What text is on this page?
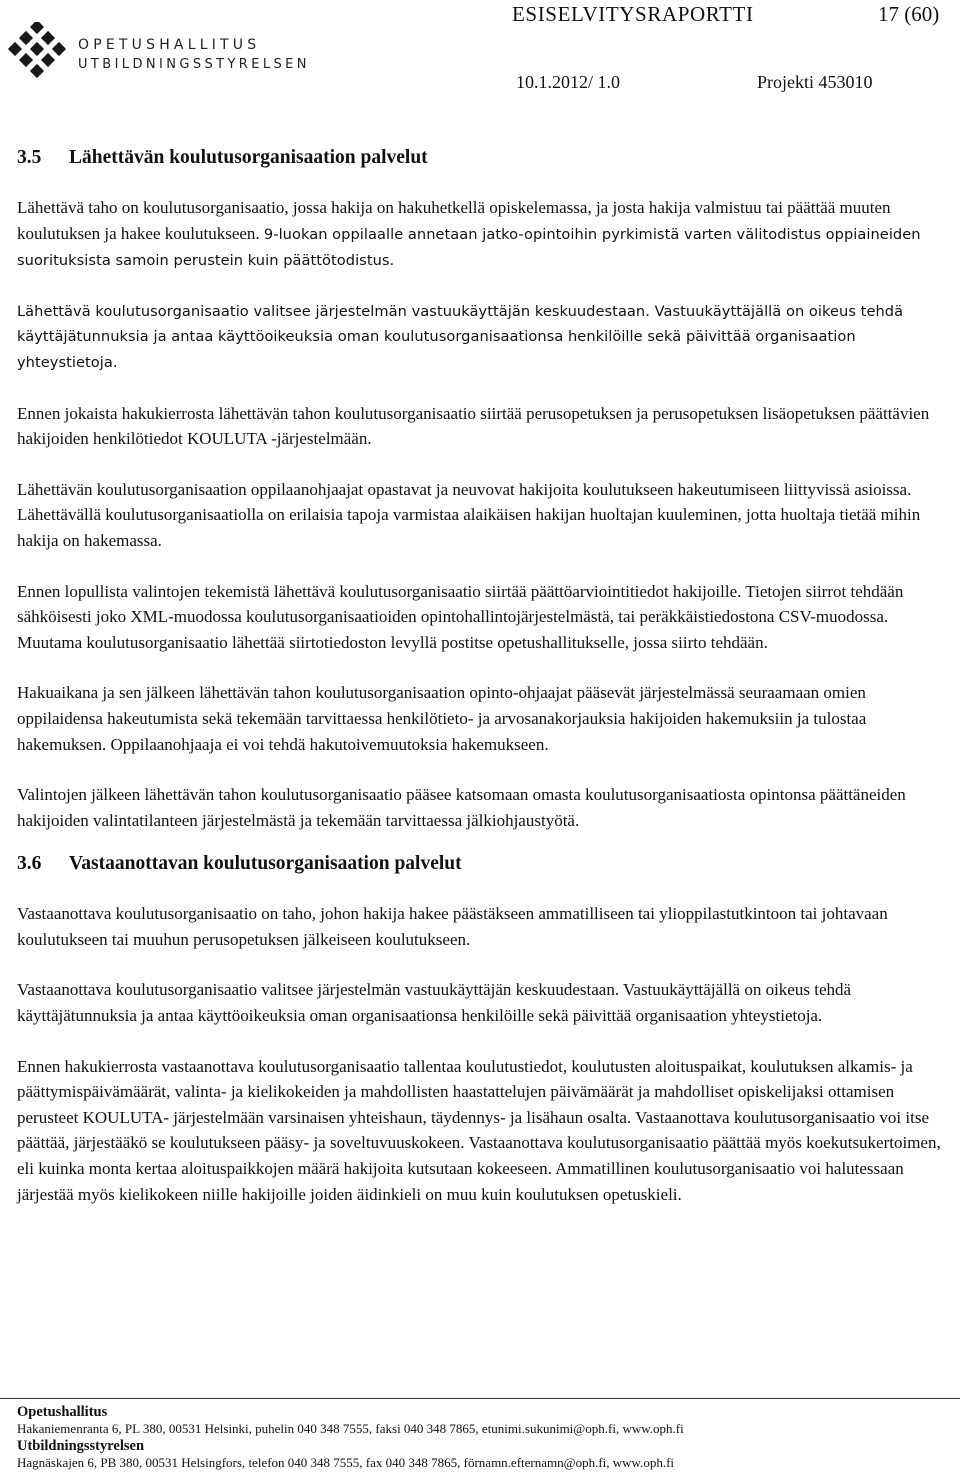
OPETUSHALLITUS
UTBILDNINGSSTYRELSEN
ESISELVITYSRAPORTTI	17 (60)
10.1.2012/ 1.0	Projekti 453010
3.5 Lähettävän koulutusorganisaation palvelut

Lähettävä taho on koulutusorganisaatio, jossa hakija on hakuhetkellä opiskelemassa, ja josta hakija valmistuu tai päättää muuten koulutuksen ja hakee koulutukseen. 9-luokan oppilaalle annetaan jatko-opintoihin pyrkimistä varten välitodistus oppiaineiden suorituksista samoin perustein kuin päättötodistus.

Lähettävä koulutusorganisaatio valitsee järjestelmän vastuukäyttäjän keskuudestaan. Vastuukäyttäjällä on oikeus tehdä käyttäjätunnuksia ja antaa käyttöoikeuksia oman koulutusorganisaationsa henkilöille sekä päivittää organisaation yhteystietoja.

Ennen jokaista hakukierrosta lähettävän tahon koulutusorganisaatio siirtää perusopetuksen ja perusopetuksen lisäopetuksen päättävien hakijoiden henkilötiedot KOULUTA -järjestelmään.

Lähettävän koulutusorganisaation oppilaanohjaajat opastavat ja neuvovat hakijoita koulutukseen hakeutumiseen liittyvissä asioissa. Lähettävällä koulutusorganisaatiolla on erilaisia tapoja varmistaa alaikäisen hakijan huoltajan kuuleminen, jotta huoltaja tietää mihin hakija on hakemassa.

Ennen lopullista valintojen tekemistä lähettävä koulutusorganisaatio siirtää päättöarviointitiedot hakijoille. Tietojen siirrot tehdään sähköisesti joko XML-muodossa koulutusorganisaatioiden opintohallintojärjestelmästä, tai peräkkäistiedostona CSV-muodossa. Muutama koulutusorganisaatio lähettää siirtotiedoston levyllä postitse opetushallitukselle, jossa siirto tehdään.

Hakuaikana ja sen jälkeen lähettävän tahon koulutusorganisaation opinto-ohjaajat pääsevät järjestelmässä seuraamaan omien oppilaidensa hakeutumista sekä tekemään tarvittaessa henkilötieto- ja arvosanakorjauksia hakijoiden hakemuksiin ja tulostaa hakemuksen. Oppilaanohjaaja ei voi tehdä hakutoivemuutoksia hakemukseen.

Valintojen jälkeen lähettävän tahon koulutusorganisaatio pääsee katsomaan omasta koulutusorganisaatiosta opintonsa päättäneiden hakijoiden valintatilanteen järjestelmästä ja tekemään tarvittaessa jälkiohjaustyötä.

3.6 Vastaanottavan koulutusorganisaation palvelut

Vastaanottava koulutusorganisaatio on taho, johon hakija hakee päästäkseen ammatilliseen tai ylioppilastutkintoon tai johtavaan koulutukseen tai muuhun perusopetuksen jälkeiseen koulutukseen.

Vastaanottava koulutusorganisaatio valitsee järjestelmän vastuukäyttäjän keskuudestaan. Vastuukäyttäjällä on oikeus tehdä käyttäjätunnuksia ja antaa käyttöoikeuksia oman organisaationsa henkilöille sekä päivittää organisaation yhteystietoja.

Ennen hakukierrosta vastaanottava koulutusorganisaatio tallentaa koulutustiedot, koulutusten aloituspaikat, koulutuksen alkamis- ja päättymispäivämäärät, valinta- ja kielikokeiden ja mahdollisten haastattelujen päivämäärät ja mahdolliset opiskelijaksi ottamisen perusteet KOULUTA- järjestelmään varsinaisen yhteishaun, täydennys- ja lisähaun osalta. Vastaanottava koulutusorganisaatio voi itse päättää, järjestääkö se koulutukseen pääsy- ja soveltuvuuskokeen. Vastaanottava koulutusorganisaatio päättää myös koekutsukertoimen, eli kuinka monta kertaa aloituspaikkojen määrä hakijoita kutsutaan kokeeseen. Ammatillinen koulutusorganisaatio voi halutessaan järjestää myös kielikokeen niille hakijoille joiden äidinkieli on muu kuin koulutuksen opetuskieli.

Opetushallitus
Hakaniemenranta 6, PL 380, 00531 Helsinki, puhelin 040 348 7555, faksi 040 348 7865, etunimi.sukunimi@oph.fi, www.oph.fi
Utbildningsstyrelsen
Hagnäskajen 6, PB 380, 00531 Helsingfors, telefon 040 348 7555, fax 040 348 7865, förnamn.efternamn@oph.fi, www.oph.fi
